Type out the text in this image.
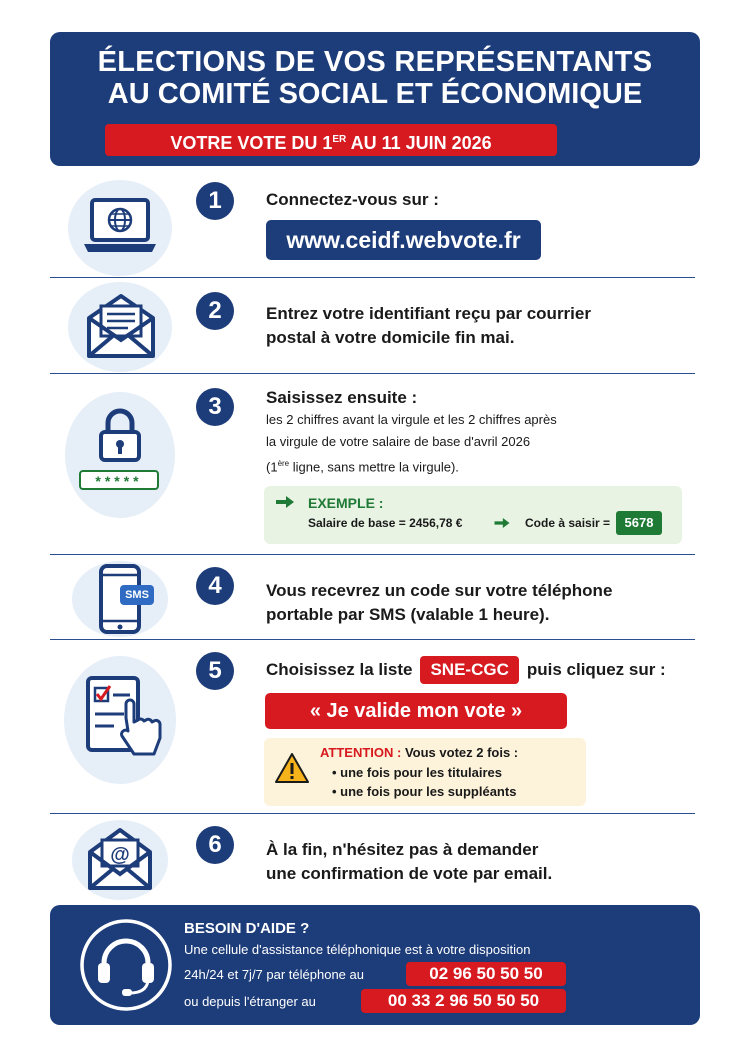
ÉLECTIONS DE VOS REPRÉSENTANTS
AU COMITÉ SOCIAL ET ÉCONOMIQUE
VOTRE VOTE DU 1ER AU 11 JUIN 2026
1	Connectez-vous sur :
www.ceidf.webvote.fr
2	Entrez votre identifiant reçu par courrier
postal à votre domicile fin mai.
*****
3	Saisissez ensuite :
les 2 chiffres avant la virgule et les 2 chiffres après
la virgule de votre salaire de base d'avril 2026
(1ère ligne, sans mettre la virgule).
EXEMPLE :
Salaire de base = 2456,78 €	Code à saisir =	5678
SMS	4	Vous recevrez un code sur votre téléphone
portable par SMS (valable 1 heure).
5	Choisissez la liste SNE-CGC puis cliquez sur :
« Je valide mon vote »
ATTENTION : Vous votez 2 fois :
• une fois pour les titulaires
• une fois pour les suppléants
@	6	À la fin, n'hésitez pas à demander
une confirmation de vote par email.
BESOIN D'AIDE ?
Une cellule d'assistance téléphonique est à votre disposition
24h/24 et 7j/7 par téléphone au	02 96 50 50 50
ou depuis l'étranger au	00 33 2 96 50 50 50
